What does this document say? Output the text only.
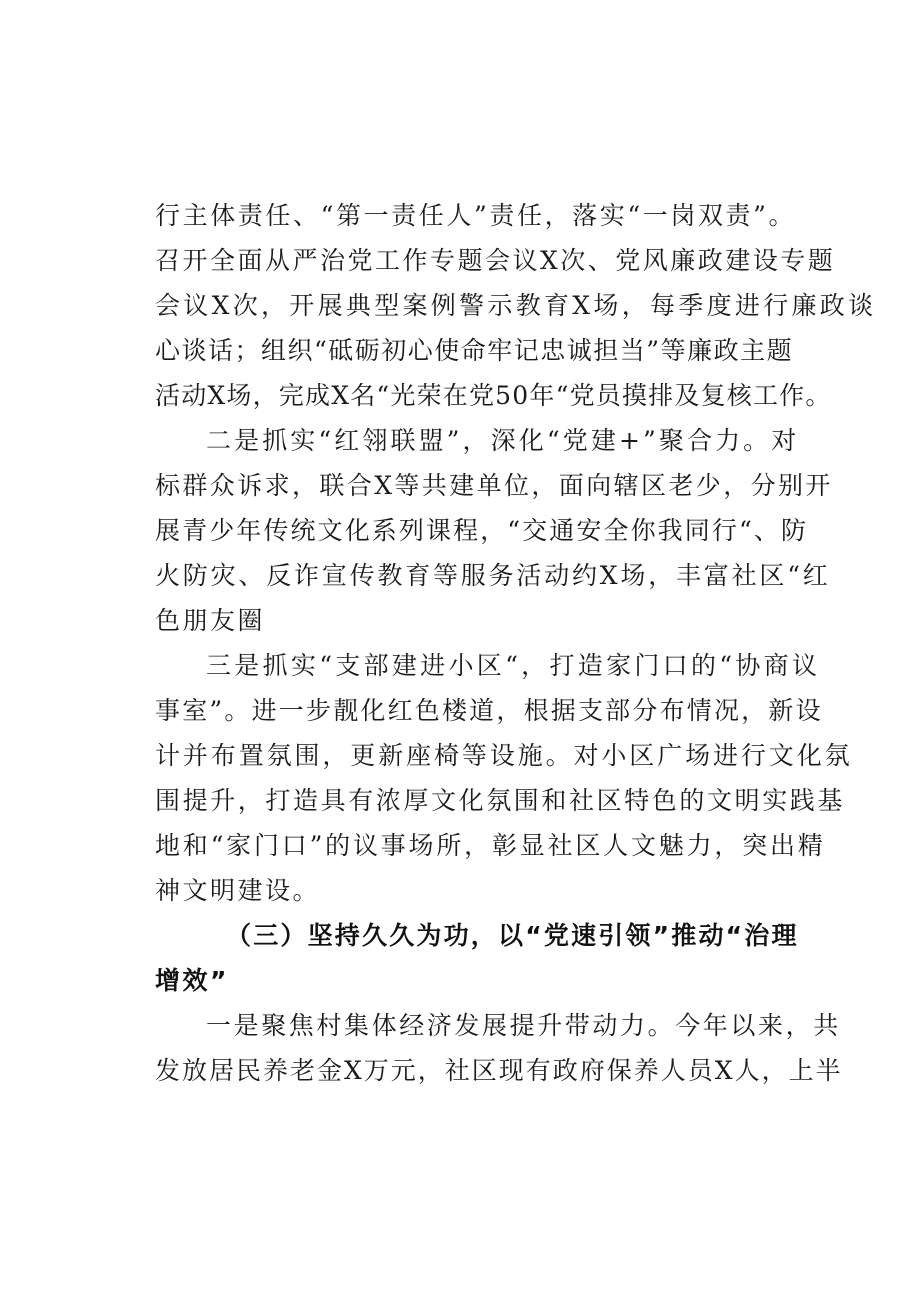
行主体责任、“第一责任人”责任，落实“一岗双责”。

召开全面从严治党工作专题会议X次、党风廉政建设专题

会议X次，开展典型案例警示教育X场，每季度进行廉政谈

心谈话；组织“砥砺初心使命牢记忠诚担当”等廉政主题

活动X场，完成X名“光荣在党50年“党员摸排及复核工作。

二是抓实“红翎联盟”，深化“党建+”聚合力。对

标群众诉求，联合X等共建单位，面向辖区老少，分别开

展青少年传统文化系列课程，“交通安全你我同行“、防

火防灾、反诈宣传教育等服务活动约X场，丰富社区“红

色朋友圈

三是抓实“支部建进小区“，打造家门口的“协商议

事室”。进一步靓化红色楼道，根据支部分布情况，新设

计并布置氛围，更新座椅等设施。对小区广场进行文化氛

围提升，打造具有浓厚文化氛围和社区特色的文明实践基

地和“家门口”的议事场所，彰显社区人文魅力，突出精

神文明建设。

（三）坚持久久为功，以“党速引领”推动“治理

增效”

一是聚焦村集体经济发展提升带动力。今年以来，共

发放居民养老金X万元，社区现有政府保养人员X人，上半
